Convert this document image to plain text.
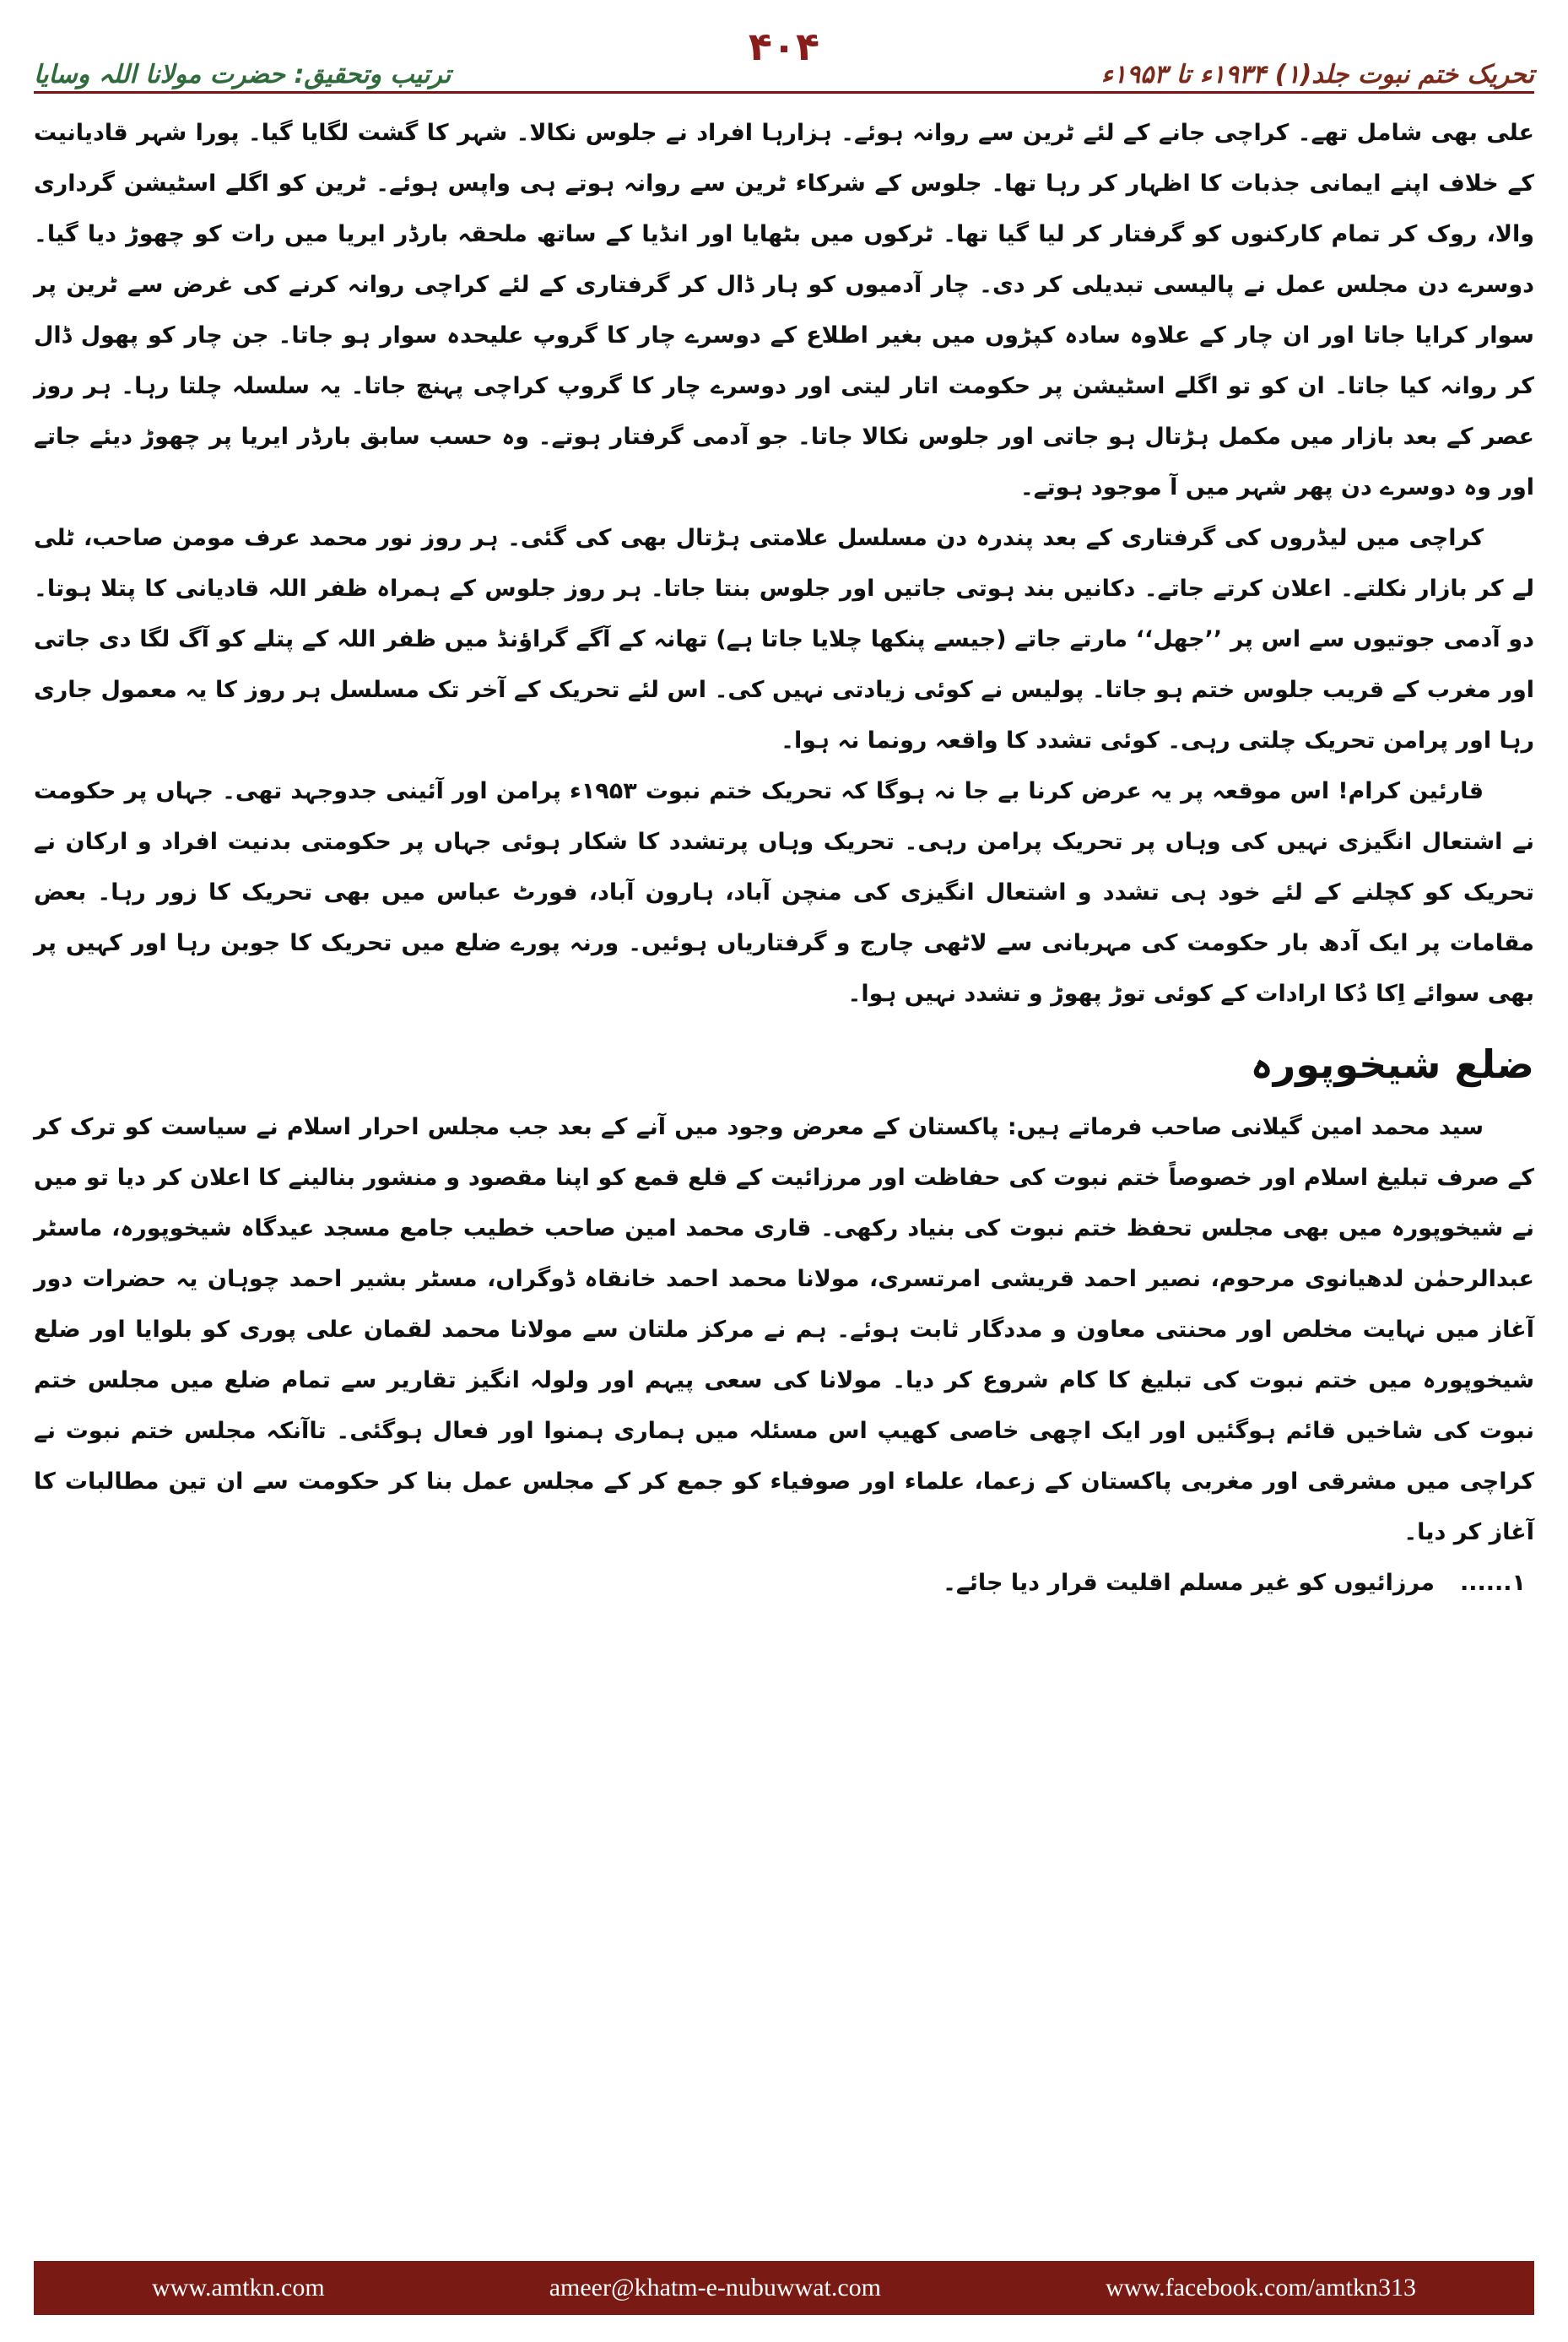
ترتیب وتحقیق: حضرت مولانا اللہ وسایا
۴۰۴
تحریک ختم نبوت جلد(۱) ۱۹۳۴ء تا ۱۹۵۳ء

علی بھی شامل تھے۔ کراچی جانے کے لئے ٹرین سے روانہ ہوئے۔ ہزارہا افراد نے جلوس نکالا۔ شہر کا گشت لگایا گیا۔ پورا شہر قادیانیت کے خلاف اپنے ایمانی جذبات کا اظہار کر رہا تھا۔ جلوس کے شرکاء ٹرین سے روانہ ہوتے ہی واپس ہوئے۔ ٹرین کو اگلے اسٹیشن گرداری والا، روک کر تمام کارکنوں کو گرفتار کر لیا گیا تھا۔ ٹرکوں میں بٹھایا اور انڈیا کے ساتھ ملحقہ بارڈر ایریا میں رات کو چھوڑ دیا گیا۔ دوسرے دن مجلس عمل نے پالیسی تبدیلی کر دی۔ چار آدمیوں کو ہار ڈال کر گرفتاری کے لئے کراچی روانہ کرنے کی غرض سے ٹرین پر سوار کرایا جاتا اور ان چار کے علاوہ سادہ کپڑوں میں بغیر اطلاع کے دوسرے چار کا گروپ علیحدہ سوار ہو جاتا۔ جن چار کو پھول ڈال کر روانہ کیا جاتا۔ ان کو تو اگلے اسٹیشن پر حکومت اتار لیتی اور دوسرے چار کا گروپ کراچی پہنچ جاتا۔ یہ سلسلہ چلتا رہا۔ ہر روز عصر کے بعد بازار میں مکمل ہڑتال ہو جاتی اور جلوس نکالا جاتا۔ جو آدمی گرفتار ہوتے۔ وہ حسب سابق بارڈر ایریا پر چھوڑ دیئے جاتے اور وہ دوسرے دن پھر شہر میں آ موجود ہوتے۔

کراچی میں لیڈروں کی گرفتاری کے بعد پندرہ دن مسلسل علامتی ہڑتال بھی کی گئی۔ ہر روز نور محمد عرف مومن صاحب، ٹلی لے کر بازار نکلتے۔ اعلان کرتے جاتے۔ دکانیں بند ہوتی جاتیں اور جلوس بنتا جاتا۔ ہر روز جلوس کے ہمراہ ظفر اللہ قادیانی کا پتلا ہوتا۔ دو آدمی جوتیوں سے اس پر ’’جھل‘‘ مارتے جاتے (جیسے پنکھا چلایا جاتا ہے) تھانہ کے آگے گراؤنڈ میں ظفر اللہ کے پتلے کو آگ لگا دی جاتی اور مغرب کے قریب جلوس ختم ہو جاتا۔ پولیس نے کوئی زیادتی نہیں کی۔ اس لئے تحریک کے آخر تک مسلسل ہر روز کا یہ معمول جاری رہا اور پرامن تحریک چلتی رہی۔ کوئی تشدد کا واقعہ رونما نہ ہوا۔

قارئین کرام! اس موقعہ پر یہ عرض کرنا بے جا نہ ہوگا کہ تحریک ختم نبوت ۱۹۵۳ء پرامن اور آئینی جدوجہد تھی۔ جہاں پر حکومت نے اشتعال انگیزی نہیں کی وہاں پر تحریک پرامن رہی۔ تحریک وہاں پرتشدد کا شکار ہوئی جہاں پر حکومتی بدنیت افراد و ارکان نے تحریک کو کچلنے کے لئے خود ہی تشدد و اشتعال انگیزی کی منچن آباد، ہارون آباد، فورٹ عباس میں بھی تحریک کا زور رہا۔ بعض مقامات پر ایک آدھ بار حکومت کی مہربانی سے لاٹھی چارج و گرفتاریاں ہوئیں۔ ورنہ پورے ضلع میں تحریک کا جوبن رہا اور کہیں پر بھی سوائے اِکا دُکا ارادات کے کوئی توڑ پھوڑ و تشدد نہیں ہوا۔

ضلع شیخوپورہ

سید محمد امین گیلانی صاحب فرماتے ہیں: پاکستان کے معرض وجود میں آنے کے بعد جب مجلس احرار اسلام نے سیاست کو ترک کر کے صرف تبلیغ اسلام اور خصوصاً ختم نبوت کی حفاظت اور مرزائیت کے قلع قمع کو اپنا مقصود و منشور بنالینے کا اعلان کر دیا تو میں نے شیخوپورہ میں بھی مجلس تحفظ ختم نبوت کی بنیاد رکھی۔ قاری محمد امین صاحب خطیب جامع مسجد عیدگاہ شیخوپورہ، ماسٹر عبدالرحمٰن لدھیانوی مرحوم، نصیر احمد قریشی امرتسری، مولانا محمد احمد خانقاہ ڈوگراں، مسٹر بشیر احمد چوہان یہ حضرات دور آغاز میں نہایت مخلص اور محنتی معاون و مددگار ثابت ہوئے۔ ہم نے مرکز ملتان سے مولانا محمد لقمان علی پوری کو بلوایا اور ضلع شیخوپورہ میں ختم نبوت کی تبلیغ کا کام شروع کر دیا۔ مولانا کی سعی پیہم اور ولولہ انگیز تقاریر سے تمام ضلع میں مجلس ختم نبوت کی شاخیں قائم ہوگئیں اور ایک اچھی خاصی کھیپ اس مسئلہ میں ہماری ہمنوا اور فعال ہوگئی۔ تاآنکہ مجلس ختم نبوت نے کراچی میں مشرقی اور مغربی پاکستان کے زعما، علماء اور صوفیاء کو جمع کر کے مجلس عمل بنا کر حکومت سے ان تین مطالبات کا آغاز کر دیا۔

۱......
مرزائیوں کو غیر مسلم اقلیت قرار دیا جائے۔
www.amtkn.com	ameer@khatm-e-nubuwwat.com	www.facebook.com/amtkn313
